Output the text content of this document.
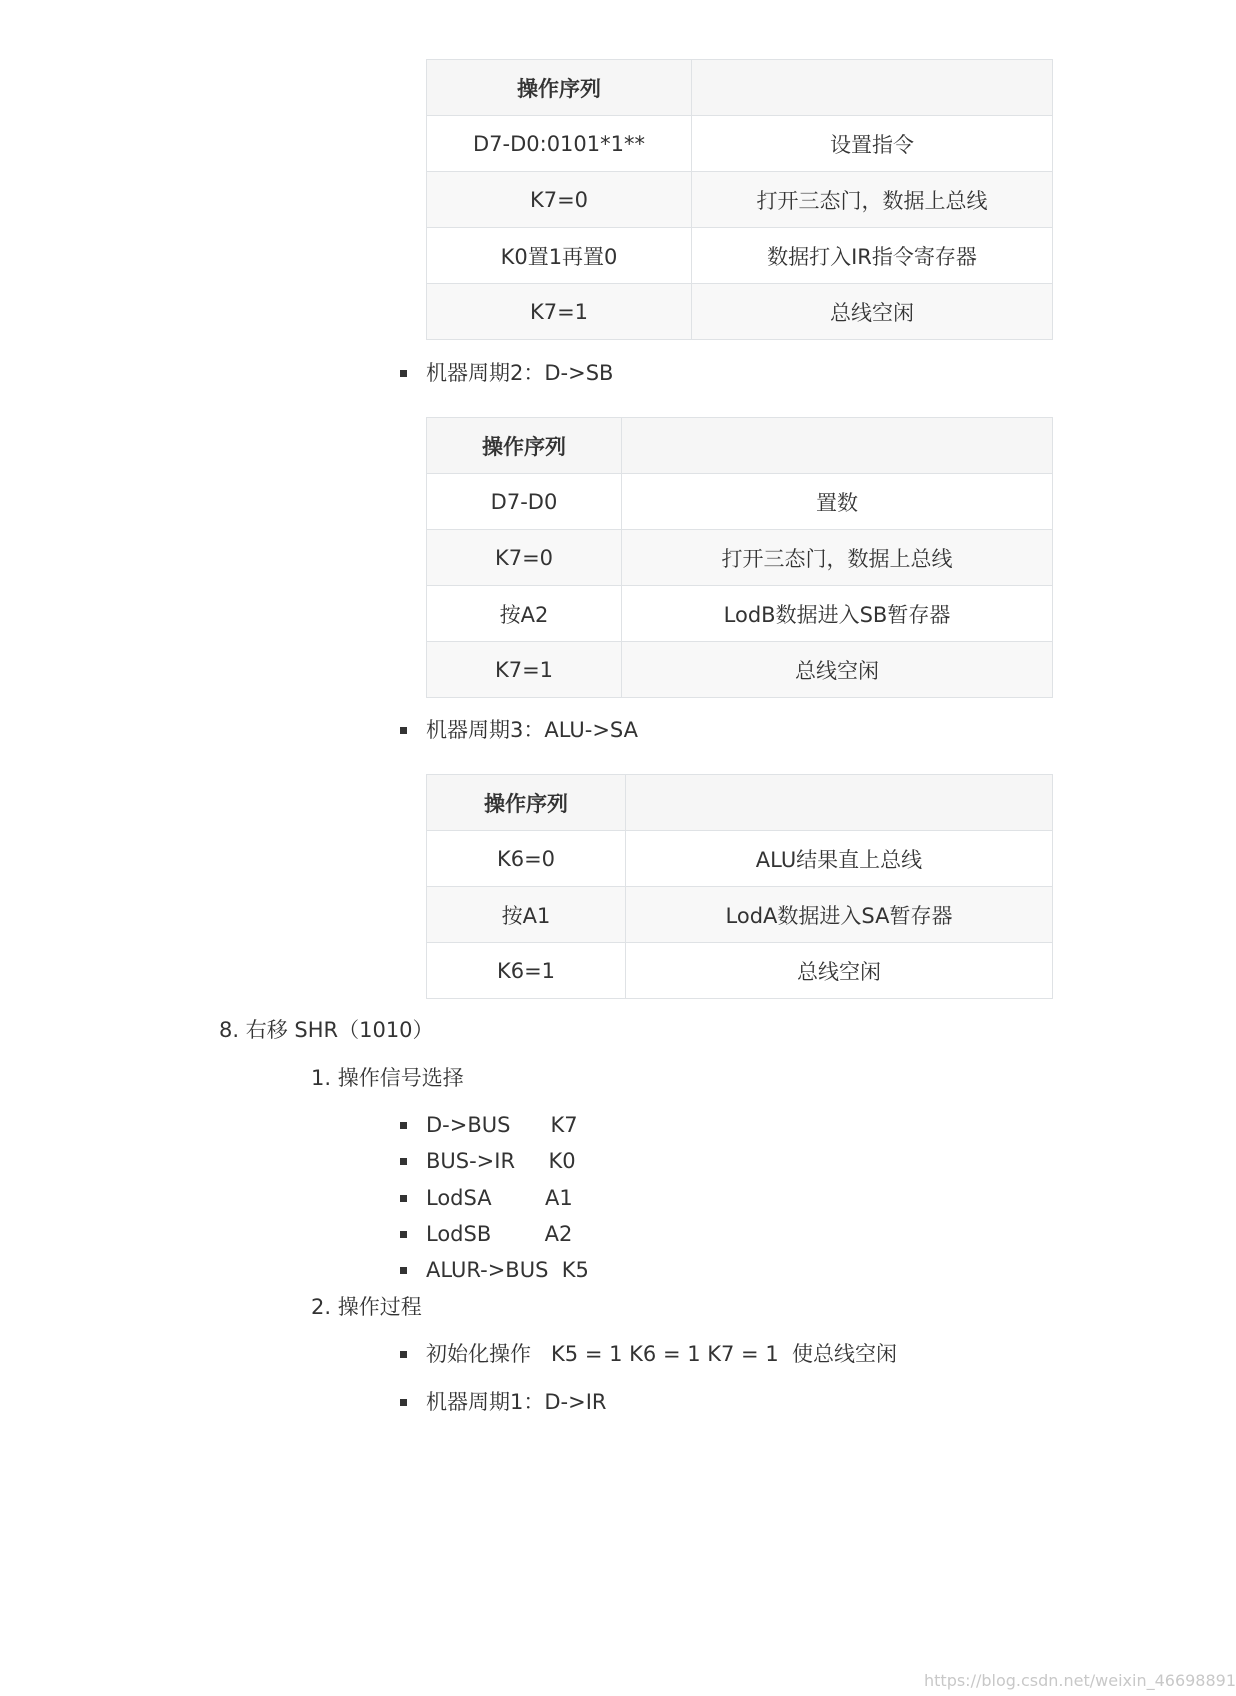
操作序列	
D7-D0:0101*1**	设置指令
K7=0	打开三态门，数据上总线
K0置1再置0	数据打入IR指令寄存器
K7=1	总线空闲
机器周期2：D->SB
操作序列	
D7-D0	置数
K7=0	打开三态门，数据上总线
按A2	LodB数据进入SB暂存器
K7=1	总线空闲
机器周期3：ALU->SA
操作序列	
K6=0	ALU结果直上总线
按A1	LodA数据进入SA暂存器
K6=1	总线空闲
8. 右移 SHR（1010）
1. 操作信号选择
D->BUS      K7
BUS->IR     K0
LodSA        A1
LodSB        A2
ALUR->BUS  K5
2. 操作过程
初始化操作   K5 = 1 K6 = 1 K7 = 1  使总线空闲
机器周期1：D->IR
https://blog.csdn.net/weixin_46698891
